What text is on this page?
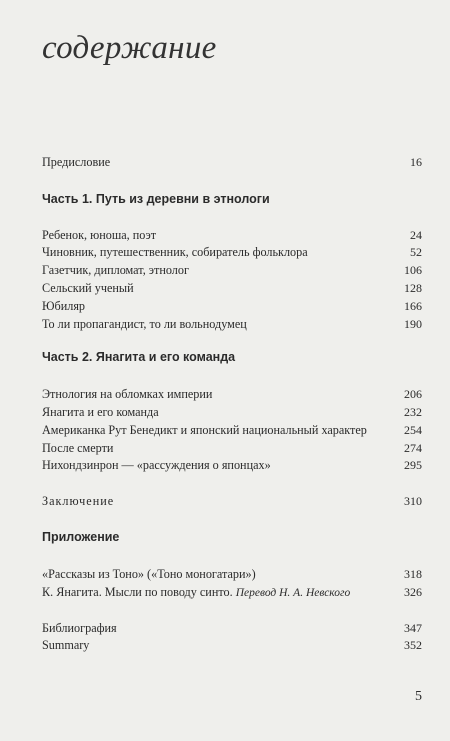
содержание
Предисловие	16
Часть 1. Путь из деревни в этнологи
Ребенок, юноша, поэт	24
Чиновник, путешественник, собиратель фольклора	52
Газетчик, дипломат, этнолог	106
Сельский ученый	128
Юбиляр	166
То ли пропагандист, то ли вольнодумец	190
Часть 2. Янагита и его команда
Этнология на обломках империи	206
Янагита и его команда	232
Американка Рут Бенедикт и японский национальный характер	254
После смерти	274
Нихондзинрон — «рассуждения о японцах»	295
Заключение	310
Приложение
«Рассказы из Тоно» («Тоно моногатари»)	318
К. Янагита. Мысли по поводу синто. Перевод Н. А. Невского	326
Библиография	347
Summary	352
5
